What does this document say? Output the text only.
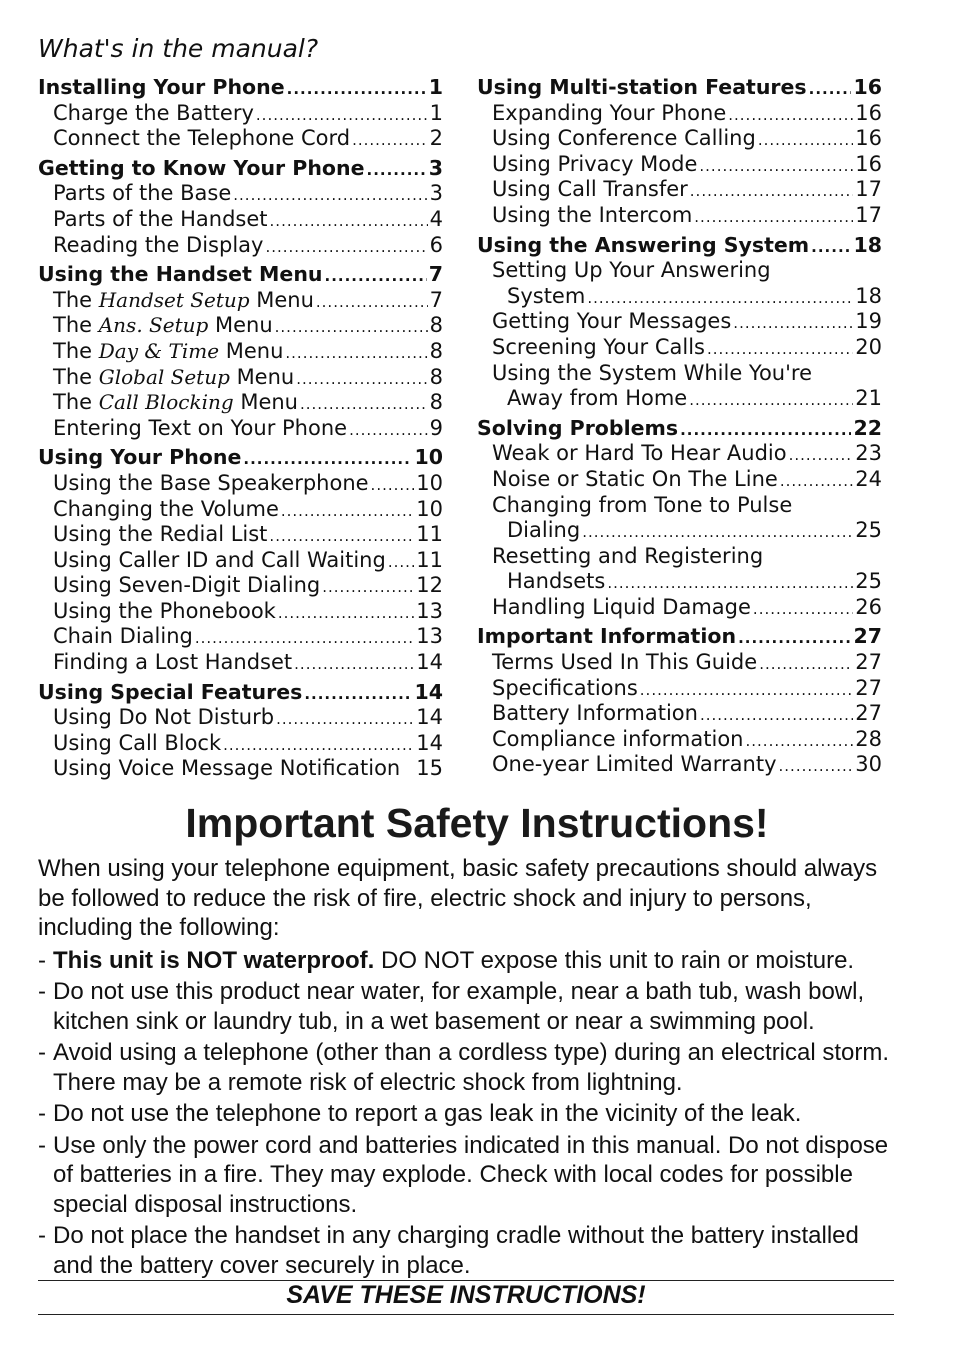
What's in the manual?
Installing Your Phone .....	1
Charge the Battery .....	1
Connect the Telephone Cord .....	2
Getting to Know Your Phone .....	3
Parts of the Base .....	3
Parts of the Handset .....	4
Reading the Display .....	6
Using the Handset Menu .....	7
The Handset Setup Menu .....	7
The Ans. Setup Menu .....	8
The Day & Time Menu .....	8
The Global Setup Menu .....	8
The Call Blocking Menu .....	8
Entering Text on Your Phone .....	9
Using Your Phone .....	10
Using the Base Speakerphone ..... 10
Changing the Volume .....	10
Using the Redial List .....	11
Using Caller ID and Call Waiting ..... 11
Using Seven-Digit Dialing .....	12
Using the Phonebook .....	13
Chain Dialing .....	13
Finding a Lost Handset .....	14
Using Special Features .....	14
Using Do Not Disturb .....	14
Using Call Block .....	14
Using Voice Message Notification 15
Using Multi-station Features ..... 16
Expanding Your Phone .....	16
Using Conference Calling .....	16
Using Privacy Mode .....	16
Using Call Transfer .....	17
Using the Intercom .....	17
Using the Answering System ..... 18
Setting Up Your Answering
System .....	18
Getting Your Messages .....	19
Screening Your Calls .....	20
Using the System While You're
Away from Home .....	21
Solving Problems .....	22
Weak or Hard To Hear Audio .....	23
Noise or Static On The Line .....	24
Changing from Tone to Pulse
Dialing .....	25
Resetting and Registering
Handsets .....	25
Handling Liquid Damage .....	26
Important Information .....	27
Terms Used In This Guide .....	27
Specifications .....	27
Battery Information .....	27
Compliance information .....	28
One-year Limited Warranty .....	30
Important Safety Instructions!

When using your telephone equipment, basic safety precautions should always be followed to reduce the risk of fire, electric shock and injury to persons, including the following:

- This unit is NOT waterproof. DO NOT expose this unit to rain or moisture.
- Do not use this product near water, for example, near a bath tub, wash bowl, kitchen sink or laundry tub, in a wet basement or near a swimming pool.
- Avoid using a telephone (other than a cordless type) during an electrical storm. There may be a remote risk of electric shock from lightning.
- Do not use the telephone to report a gas leak in the vicinity of the leak.
- Use only the power cord and batteries indicated in this manual. Do not dispose of batteries in a fire. They may explode. Check with local codes for possible special disposal instructions.
- Do not place the handset in any charging cradle without the battery installed and the battery cover securely in place.
SAVE THESE INSTRUCTIONS!
